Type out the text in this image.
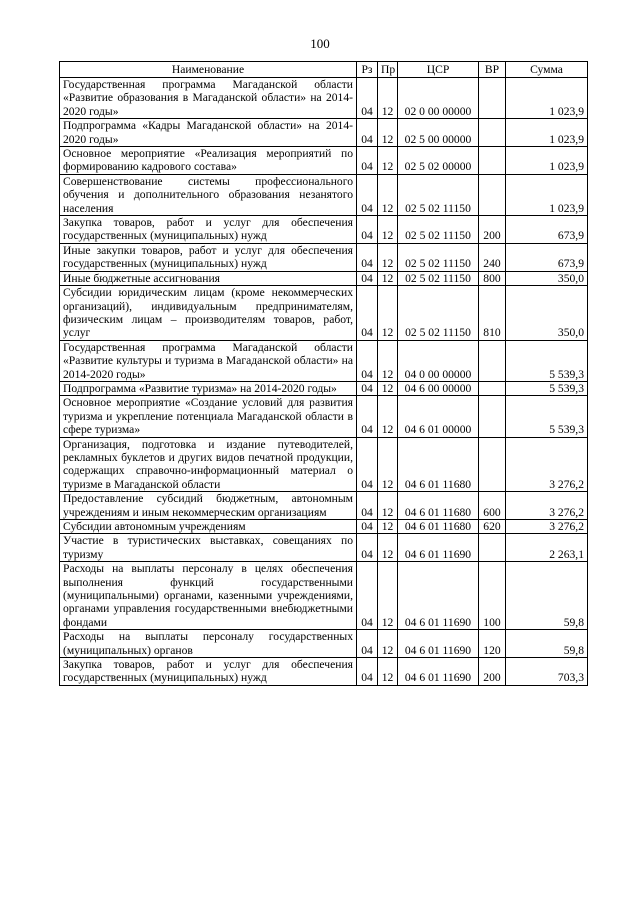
100
Наименование	Рз	Пр	ЦСР	ВР	Сумма
Государственная программа Магаданской области «Развитие образования в Магаданской области» на 2014-2020 годы»	04	12	02 0 00 00000		1 023,9
Подпрограмма «Кадры Магаданской области» на 2014-2020 годы»	04	12	02 5 00 00000		1 023,9
Основное мероприятие «Реализация мероприятий по формированию кадрового состава»	04	12	02 5 02 00000		1 023,9
Совершенствование системы профессионального обучения и дополнительного образования незанятого населения	04	12	02 5 02 11150		1 023,9
Закупка товаров, работ и услуг для обеспечения государственных (муниципальных) нужд	04	12	02 5 02 11150	200	673,9
Иные закупки товаров, работ и услуг для обеспечения государственных (муниципальных) нужд	04	12	02 5 02 11150	240	673,9
Иные бюджетные ассигнования	04	12	02 5 02 11150	800	350,0
Субсидии юридическим лицам (кроме некоммерческих организаций), индивидуальным предпринимателям, физическим лицам – производителям товаров, работ, услуг	04	12	02 5 02 11150	810	350,0
Государственная программа Магаданской области «Развитие культуры и туризма в Магаданской области» на 2014-2020 годы»	04	12	04 0 00 00000		5 539,3
Подпрограмма «Развитие туризма» на 2014-2020 годы»	04	12	04 6 00 00000		5 539,3
Основное мероприятие «Создание условий для развития туризма и укрепление потенциала Магаданской области в сфере туризма»	04	12	04 6 01 00000		5 539,3
Организация, подготовка и издание путеводителей, рекламных буклетов и других видов печатной продукции, содержащих справочно-информационный материал о туризме в Магаданской области	04	12	04 6 01 11680		3 276,2
Предоставление субсидий бюджетным, автономным учреждениям и иным некоммерческим организациям	04	12	04 6 01 11680	600	3 276,2
Субсидии автономным учреждениям	04	12	04 6 01 11680	620	3 276,2
Участие в туристических выставках, совещаниях по туризму	04	12	04 6 01 11690		2 263,1
Расходы на выплаты персоналу в целях обеспечения выполнения функций государственными (муниципальными) органами, казенными учреждениями, органами управления государственными внебюджетными фондами	04	12	04 6 01 11690	100	59,8
Расходы на выплаты персоналу государственных (муниципальных) органов	04	12	04 6 01 11690	120	59,8
Закупка товаров, работ и услуг для обеспечения государственных (муниципальных) нужд	04	12	04 6 01 11690	200	703,3
